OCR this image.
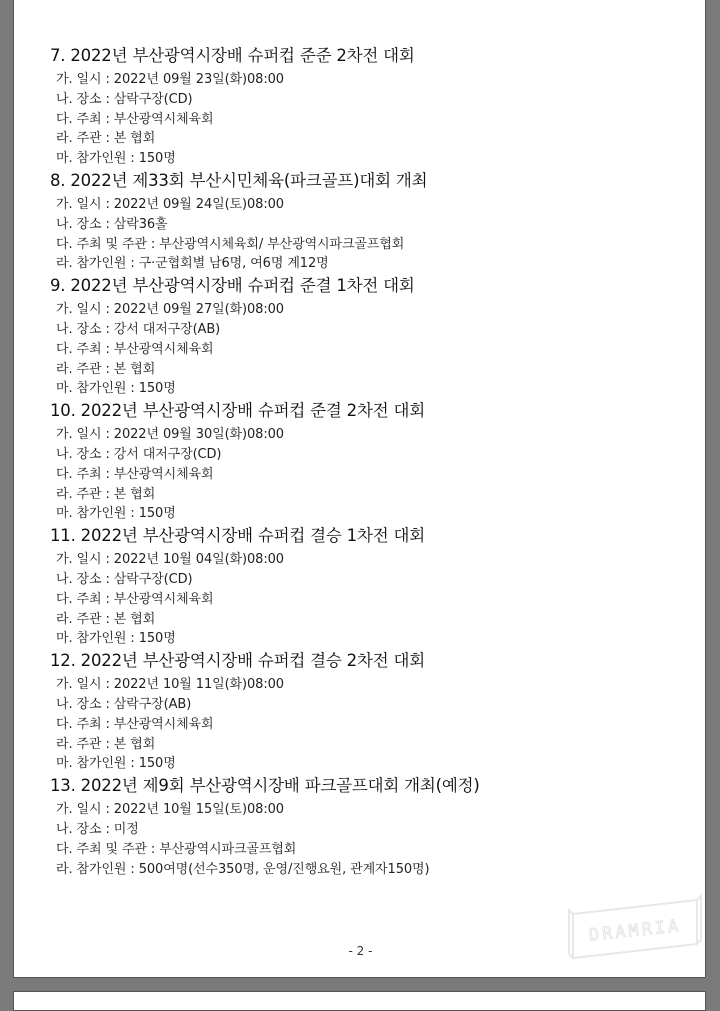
7. 2022년 부산광역시장배 슈퍼컵 준준 2차전 대회
가. 일시 : 2022년 09월 23일(화)08:00
나. 장소 : 삼락구장(CD)
다. 주최 : 부산광역시체육회
라. 주관 : 본 협회
마. 참가인원 : 150명
8. 2022년 제33회 부산시민체육(파크골프)대회 개최
가. 일시 : 2022년 09월 24일(토)08:00
나. 장소 : 삼락36홀
다. 주최 및 주관 : 부산광역시체육회/ 부산광역시파크골프협회
라. 참가인원 : 구·군협회별 남6명, 여6명 계12명
9. 2022년 부산광역시장배 슈퍼컵 준결 1차전 대회
가. 일시 : 2022년 09월 27일(화)08:00
나. 장소 : 강서 대저구장(AB)
다. 주최 : 부산광역시체육회
라. 주관 : 본 협회
마. 참가인원 : 150명
10. 2022년 부산광역시장배 슈퍼컵 준결 2차전 대회
가. 일시 : 2022년 09월 30일(화)08:00
나. 장소 : 강서 대저구장(CD)
다. 주최 : 부산광역시체육회
라. 주관 : 본 협회
마. 참가인원 : 150명
11. 2022년 부산광역시장배 슈퍼컵 결승 1차전 대회
가. 일시 : 2022년 10월 04일(화)08:00
나. 장소 : 삼락구장(CD)
다. 주최 : 부산광역시체육회
라. 주관 : 본 협회
마. 참가인원 : 150명
12. 2022년 부산광역시장배 슈퍼컵 결승 2차전 대회
가. 일시 : 2022년 10월 11일(화)08:00
나. 장소 : 삼락구장(AB)
다. 주최 : 부산광역시체육회
라. 주관 : 본 협회
마. 참가인원 : 150명
13. 2022년 제9회 부산광역시장배 파크골프대회 개최(예정)
가. 일시 : 2022년 10월 15일(토)08:00
나. 장소 : 미정
다. 주최 및 주관 : 부산광역시파크골프협회
라. 참가인원 : 500여명(선수350명, 운영/진행요원, 관계자150명)
DRAMRIA
- 2 -
